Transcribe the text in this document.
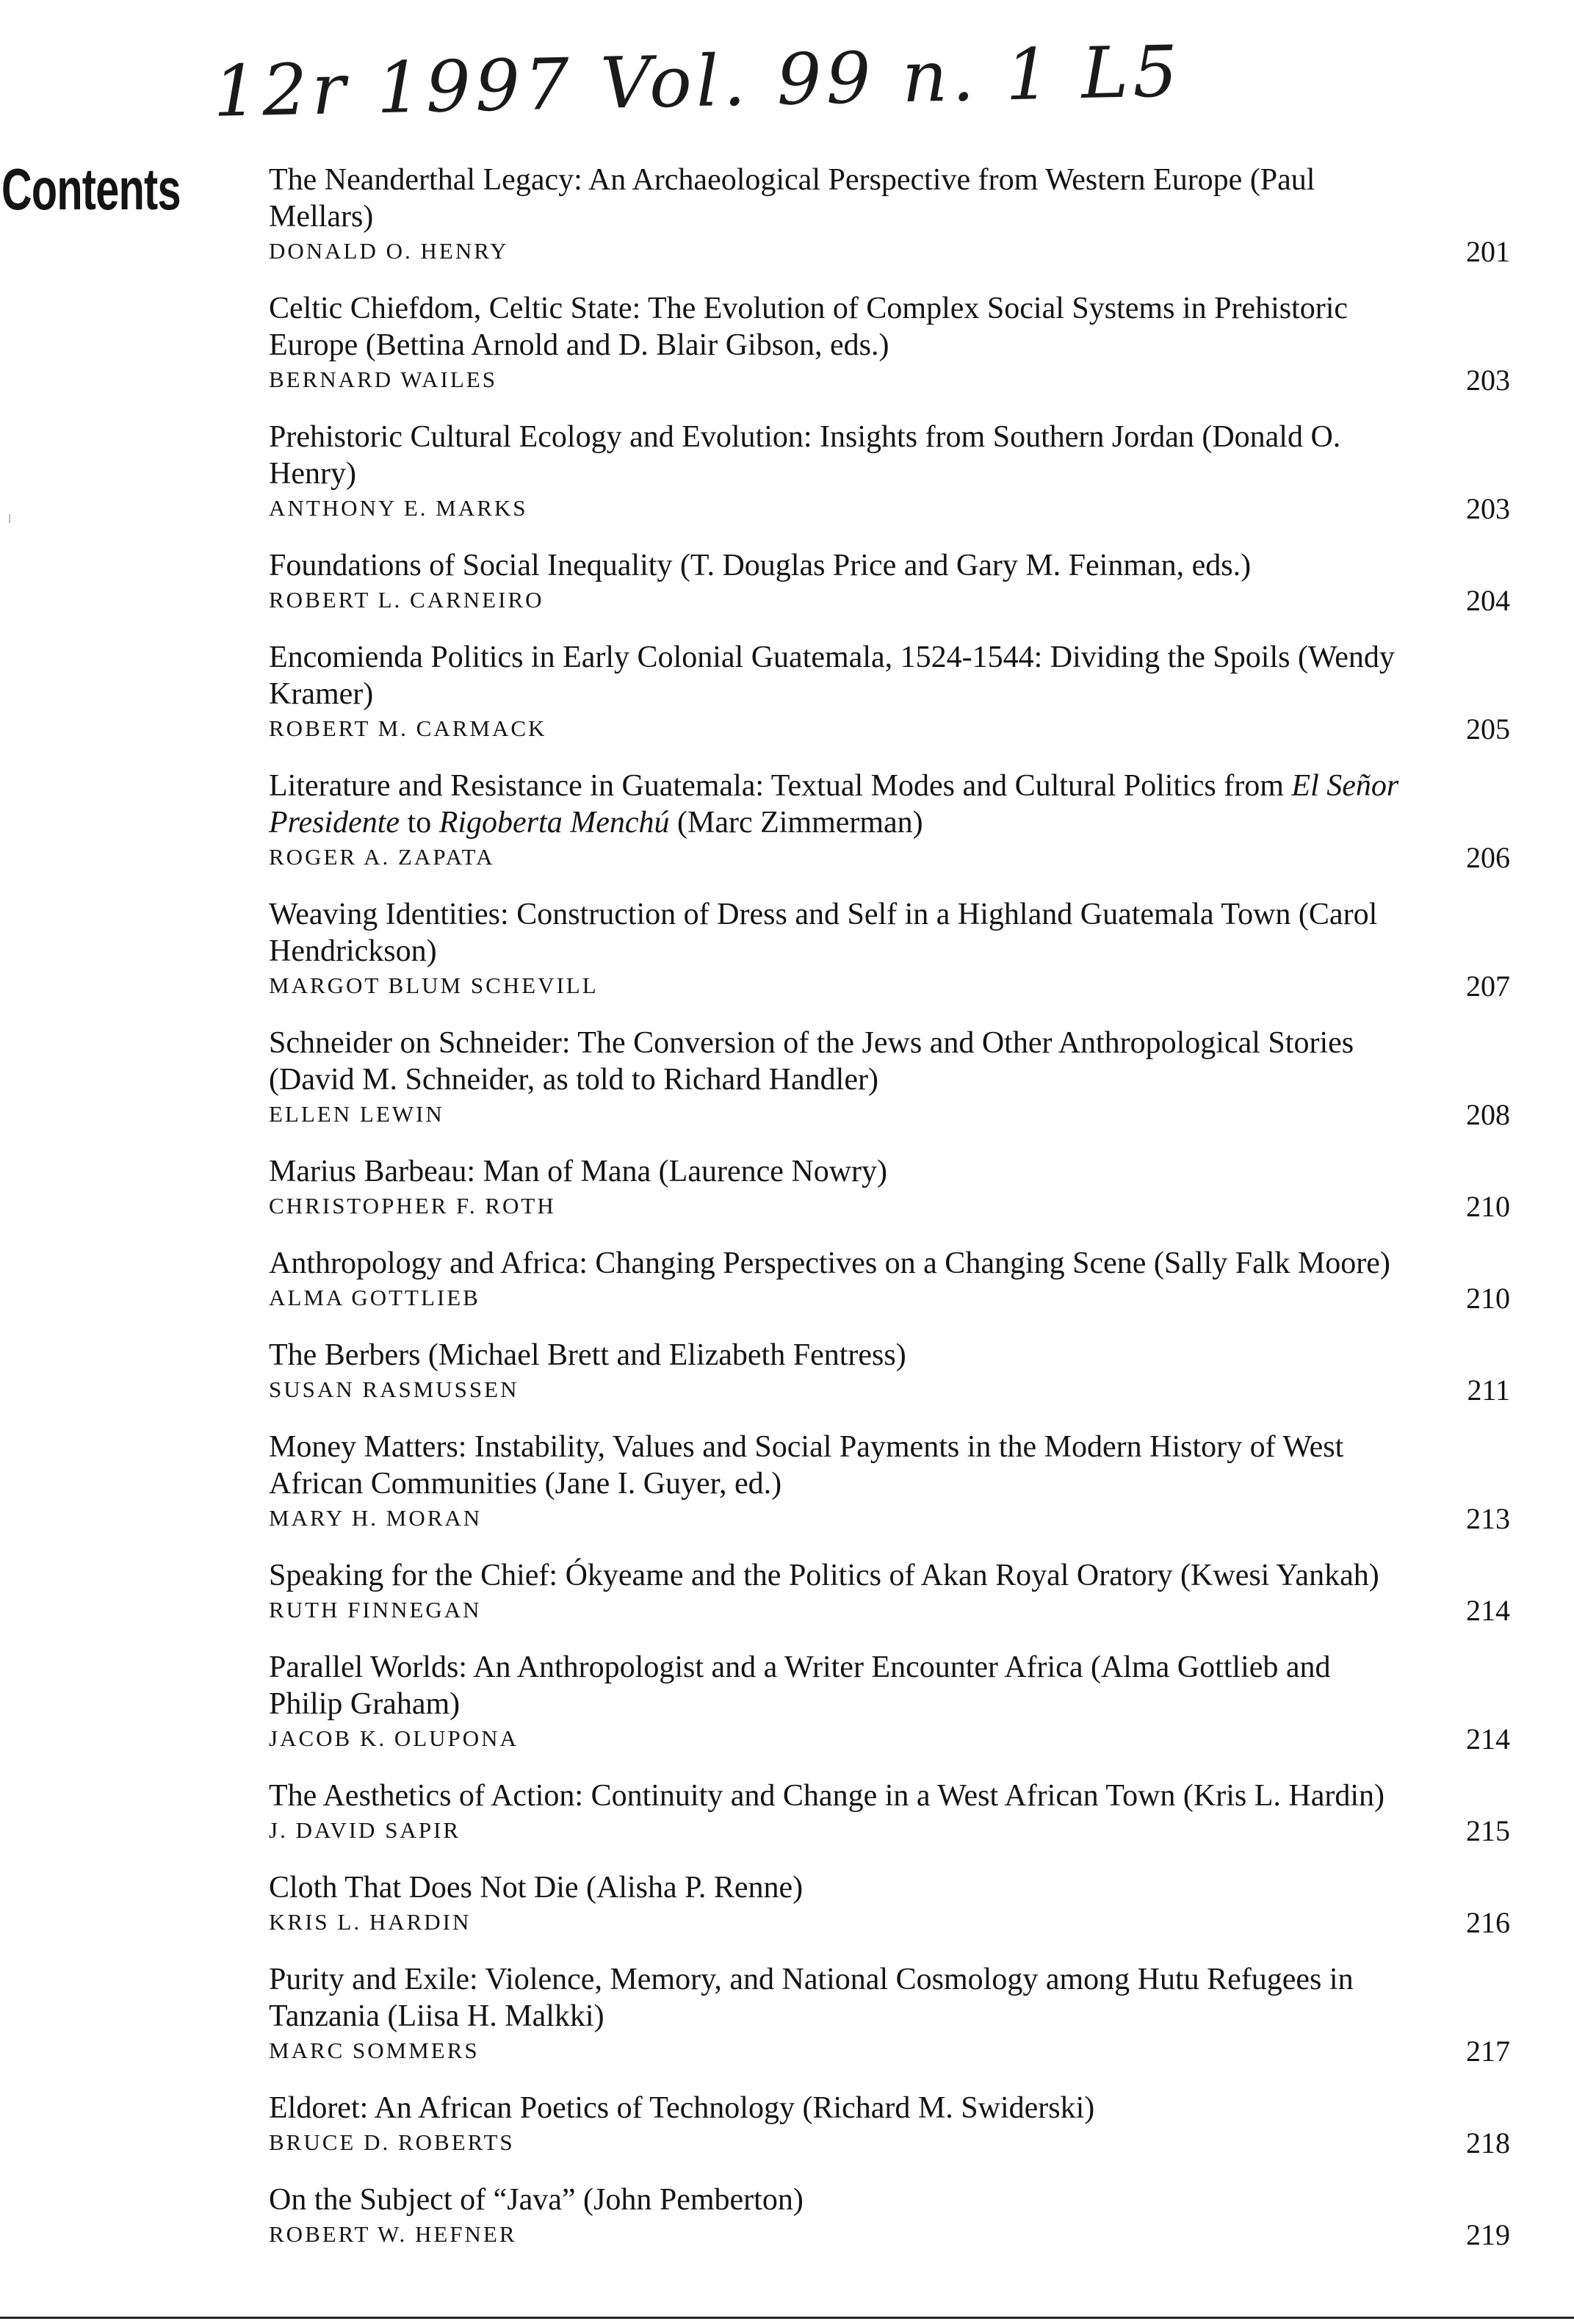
12r 1997 Vol. 99 n. 1 L5
Contents	The Neanderthal Legacy: An Archaeological Perspective from Western Europe (Paul Mellars)
DONALD O. HENRY	201
Celtic Chiefdom, Celtic State: The Evolution of Complex Social Systems in Prehistoric Europe (Bettina Arnold and D. Blair Gibson, eds.)
BERNARD WAILES	203
Prehistoric Cultural Ecology and Evolution: Insights from Southern Jordan (Donald O. Henry)
ANTHONY E. MARKS	203
Foundations of Social Inequality (T. Douglas Price and Gary M. Feinman, eds.)
ROBERT L. CARNEIRO	204
Encomienda Politics in Early Colonial Guatemala, 1524-1544: Dividing the Spoils (Wendy Kramer)
ROBERT M. CARMACK	205
Literature and Resistance in Guatemala: Textual Modes and Cultural Politics from El Señor Presidente to Rigoberta Menchú (Marc Zimmerman)
ROGER A. ZAPATA	206
Weaving Identities: Construction of Dress and Self in a Highland Guatemala Town (Carol Hendrickson)
MARGOT BLUM SCHEVILL	207
Schneider on Schneider: The Conversion of the Jews and Other Anthropological Stories (David M. Schneider, as told to Richard Handler)
ELLEN LEWIN	208
Marius Barbeau: Man of Mana (Laurence Nowry)
CHRISTOPHER F. ROTH	210
Anthropology and Africa: Changing Perspectives on a Changing Scene (Sally Falk Moore)
ALMA GOTTLIEB	210
The Berbers (Michael Brett and Elizabeth Fentress)
SUSAN RASMUSSEN	211
Money Matters: Instability, Values and Social Payments in the Modern History of West African Communities (Jane I. Guyer, ed.)
MARY H. MORAN	213
Speaking for the Chief: Ókyeame and the Politics of Akan Royal Oratory (Kwesi Yankah)
RUTH FINNEGAN	214
Parallel Worlds: An Anthropologist and a Writer Encounter Africa (Alma Gottlieb and Philip Graham)
JACOB K. OLUPONA	214
The Aesthetics of Action: Continuity and Change in a West African Town (Kris L. Hardin)
J. DAVID SAPIR	215
Cloth That Does Not Die (Alisha P. Renne)
KRIS L. HARDIN	216
Purity and Exile: Violence, Memory, and National Cosmology among Hutu Refugees in Tanzania (Liisa H. Malkki)
MARC SOMMERS	217
Eldoret: An African Poetics of Technology (Richard M. Swiderski)
BRUCE D. ROBERTS	218
On the Subject of “Java” (John Pemberton)
ROBERT W. HEFNER	219
